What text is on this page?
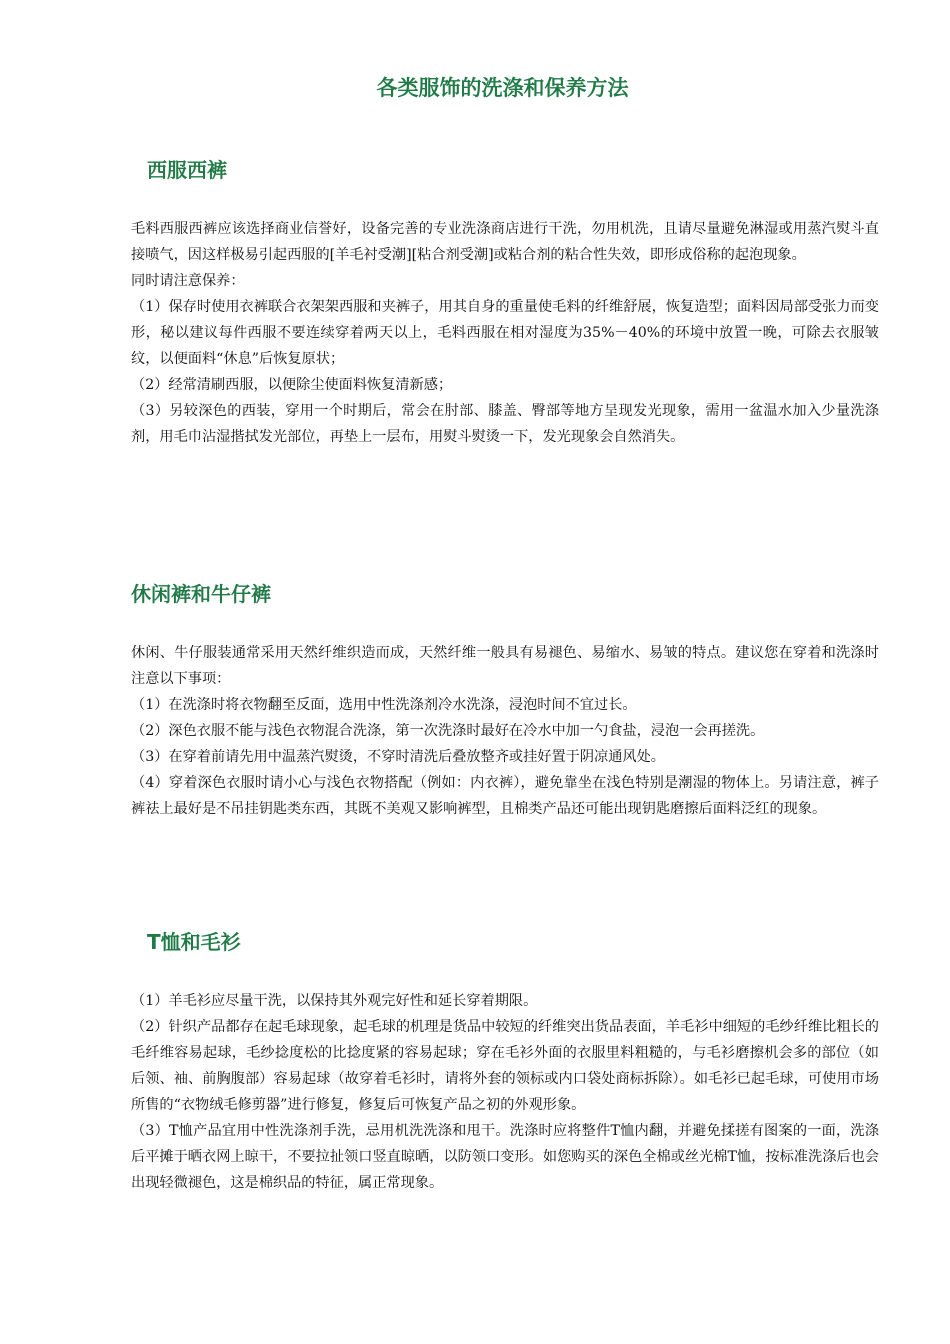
各类服饰的洗涤和保养方法
西服西裤

毛料西服西裤应该选择商业信誉好，设备完善的专业洗涤商店进行干洗，勿用机洗，且请尽量避免淋湿或用蒸汽熨斗直接喷气，因这样极易引起西服的[羊毛衬受潮][粘合剂受潮]或粘合剂的粘合性失效，即形成俗称的起泡现象。

同时请注意保养：

（1）保存时使用衣裤联合衣架架西服和夹裤子，用其自身的重量使毛料的纤维舒展，恢复造型；面料因局部受张力而变形，秘以建议每件西服不要连续穿着两天以上，毛料西服在相对湿度为35%－40%的环境中放置一晚，可除去衣服皱纹，以便面料“休息”后恢复原状；

（2）经常清刷西服，以便除尘使面料恢复清新感；

（3）另较深色的西装，穿用一个时期后，常会在肘部、膝盖、臀部等地方呈现发光现象，需用一盆温水加入少量洗涤剂，用毛巾沾湿揩拭发光部位，再垫上一层布，用熨斗熨烫一下，发光现象会自然消失。

休闲裤和牛仔裤

休闲、牛仔服装通常采用天然纤维织造而成，天然纤维一般具有易褪色、易缩水、易皱的特点。建议您在穿着和洗涤时注意以下事项：

（1）在洗涤时将衣物翻至反面，选用中性洗涤剂冷水洗涤，浸泡时间不宜过长。

（2）深色衣服不能与浅色衣物混合洗涤，第一次洗涤时最好在冷水中加一勺食盐，浸泡一会再搓洗。

（3）在穿着前请先用中温蒸汽熨烫，不穿时清洗后叠放整齐或挂好置于阴凉通风处。

（4）穿着深色衣服时请小心与浅色衣物搭配（例如：内衣裤），避免靠坐在浅色特别是潮湿的物体上。另请注意，裤子裤祛上最好是不吊挂钥匙类东西，其既不美观又影响裤型，且棉类产品还可能出现钥匙磨擦后面料泛红的现象。

T恤和毛衫

（1）羊毛衫应尽量干洗，以保持其外观完好性和延长穿着期限。

（2）针织产品都存在起毛球现象，起毛球的机理是货品中较短的纤维突出货品表面，羊毛衫中细短的毛纱纤维比粗长的毛纤维容易起球，毛纱捻度松的比捻度紧的容易起球；穿在毛衫外面的衣服里料粗糙的，与毛衫磨擦机会多的部位（如后领、袖、前胸腹部）容易起球（故穿着毛衫时，请将外套的领标或内口袋处商标拆除）。如毛衫已起毛球，可使用市场所售的“衣物绒毛修剪器”进行修复，修复后可恢复产品之初的外观形象。

（3）T恤产品宜用中性洗涤剂手洗，忌用机洗洗涤和甩干。洗涤时应将整件T恤内翻，并避免揉搓有图案的一面，洗涤后平摊于晒衣网上晾干，不要拉扯领口竖直晾晒，以防领口变形。如您购买的深色全棉或丝光棉T恤，按标准洗涤后也会出现轻微褪色，这是棉织品的特征，属正常现象。
